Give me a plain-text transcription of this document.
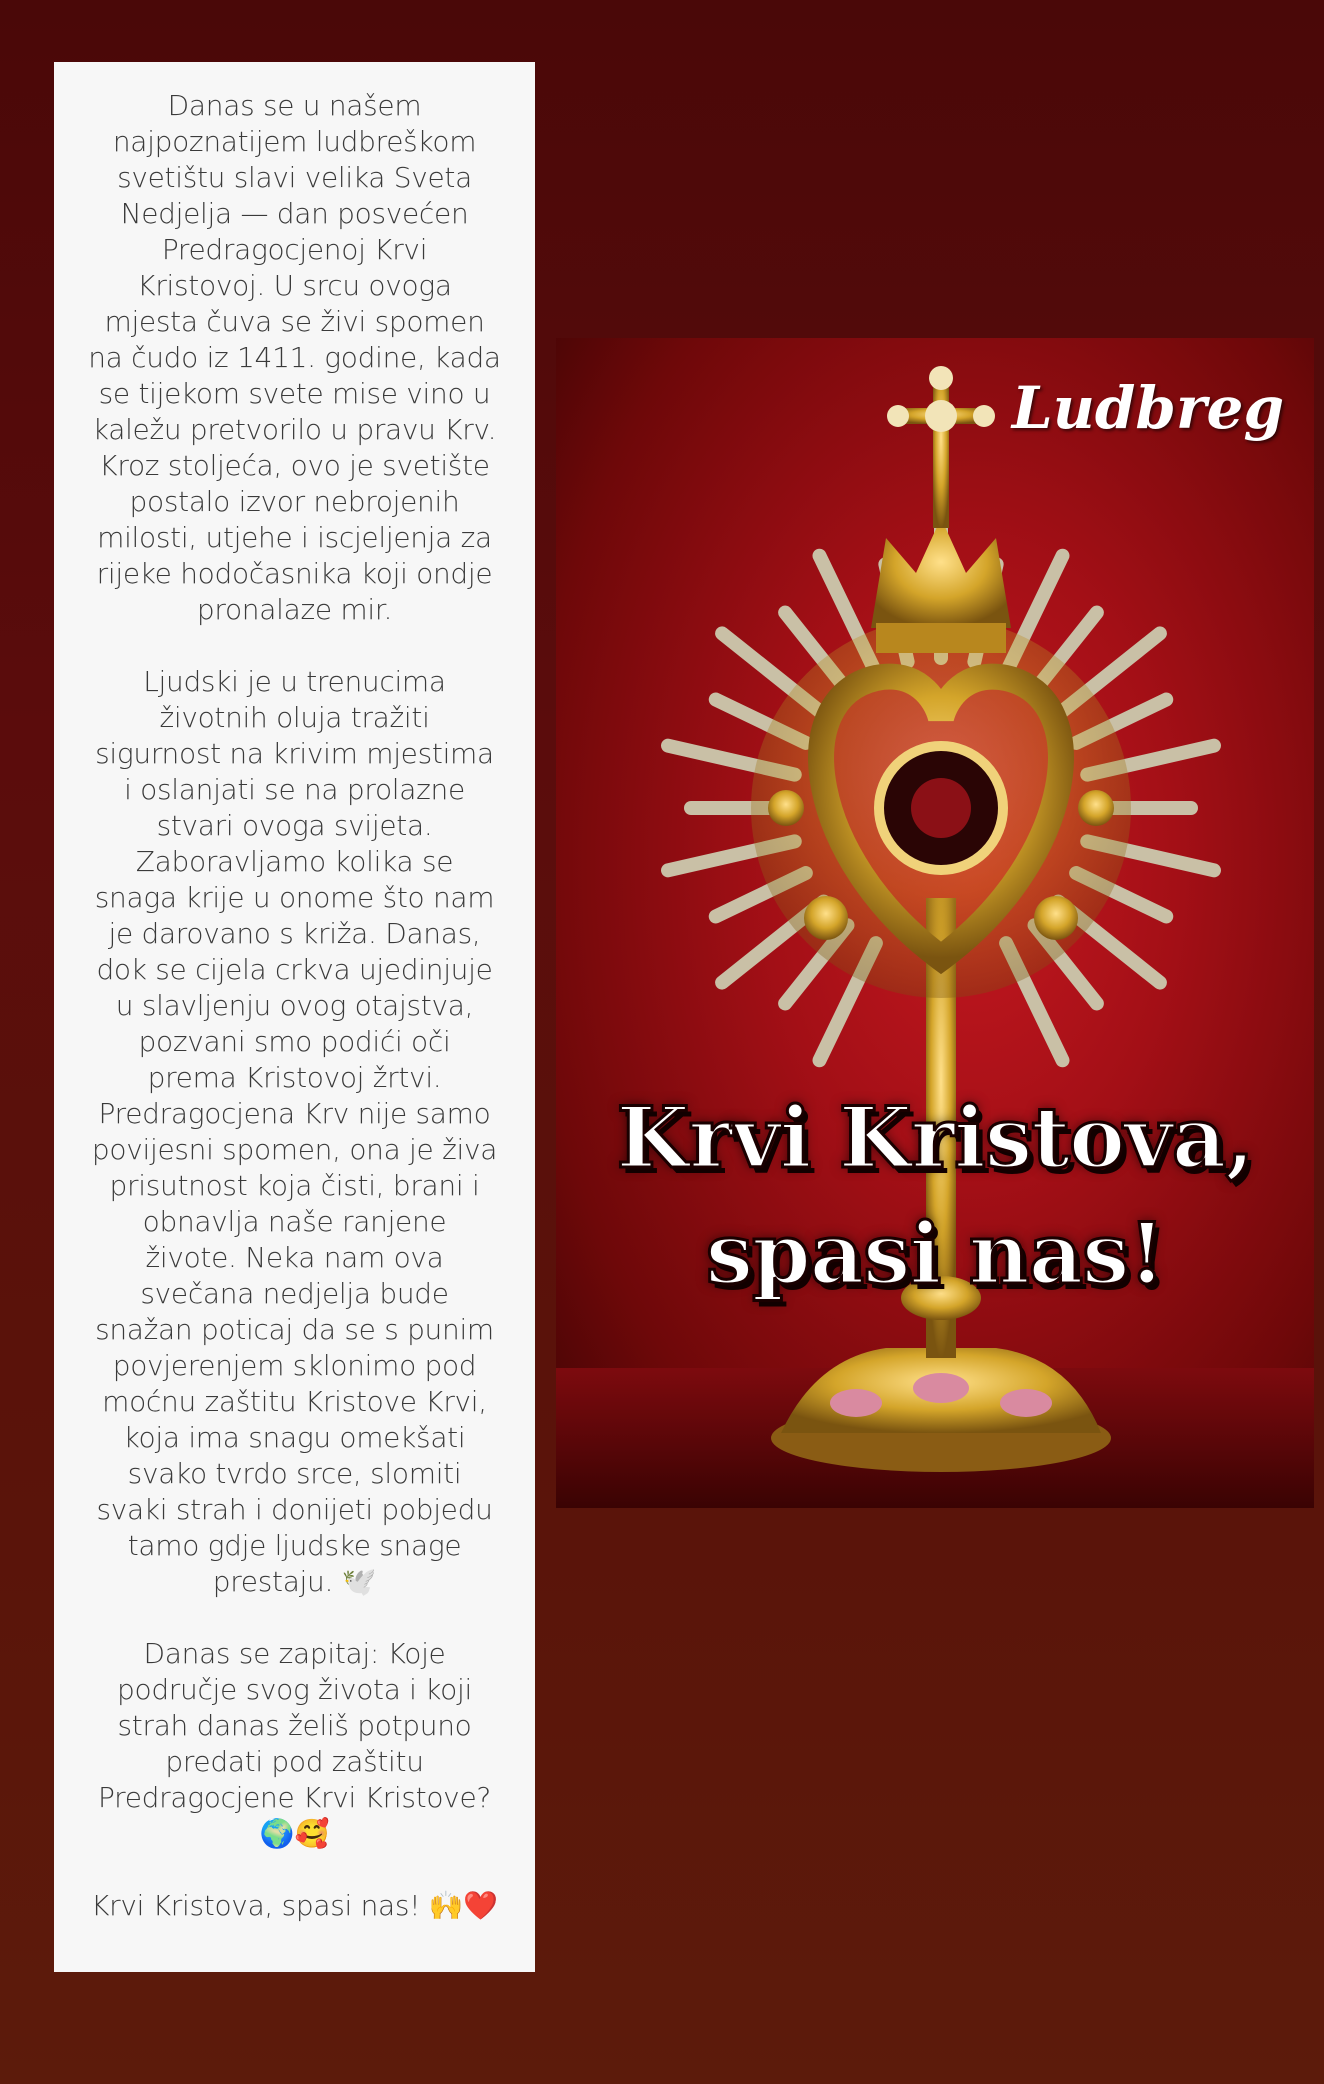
Danas se u našem
najpoznatijem ludbreškom
svetištu slavi velika Sveta
Nedjelja — dan posvećen
Predragocjenoj Krvi
Kristovoj. U srcu ovoga
mjesta čuva se živi spomen
na čudo iz 1411. godine, kada
se tijekom svete mise vino u
kaležu pretvorilo u pravu Krv.
Kroz stoljeća, ovo je svetište
postalo izvor nebrojenih
milosti, utjehe i iscjeljenja za
rijeke hodočasnika koji ondje
pronalaze mir.

Ljudski je u trenucima
životnih oluja tražiti
sigurnost na krivim mjestima
i oslanjati se na prolazne
stvari ovoga svijeta.
Zaboravljamo kolika se
snaga krije u onome što nam
je darovano s križa. Danas,
dok se cijela crkva ujedinjuje
u slavljenju ovog otajstva,
pozvani smo podići oči
prema Kristovoj žrtvi.
Predragocjena Krv nije samo
povijesni spomen, ona je živa
prisutnost koja čisti, brani i
obnavlja naše ranjene
živote. Neka nam ova
svečana nedjelja bude
snažan poticaj da se s punim
povjerenjem sklonimo pod
moćnu zaštitu Kristove Krvi,
koja ima snagu omekšati
svako tvrdo srce, slomiti
svaki strah i donijeti pobjedu
tamo gdje ljudske snage
prestaju. 🕊️

Danas se zapitaj: Koje
područje svog života i koji
strah danas želiš potpuno
predati pod zaštitu
Predragocjene Krvi Kristove?
🌍🥰

Krvi Kristova, spasi nas! 🙌❤️

Ludbreg
Krvi Kristova,
spasi nas!
